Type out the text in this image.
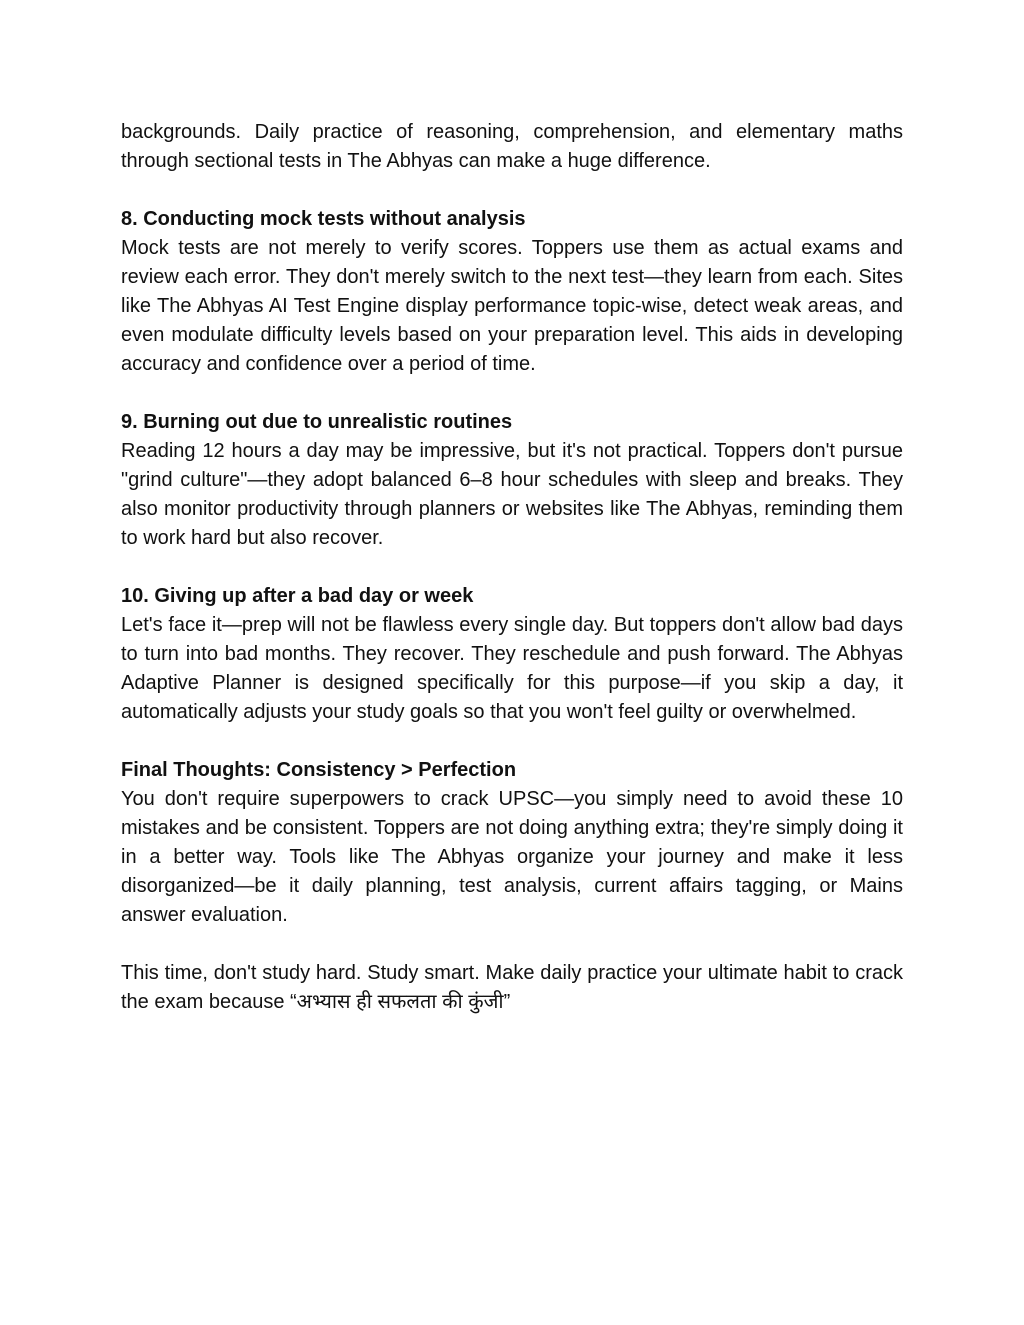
backgrounds. Daily practice of reasoning, comprehension, and elementary maths through sectional tests in The Abhyas can make a huge difference.

8. Conducting mock tests without analysis

Mock tests are not merely to verify scores. Toppers use them as actual exams and review each error. They don't merely switch to the next test—they learn from each. Sites like The Abhyas AI Test Engine display performance topic-wise, detect weak areas, and even modulate difficulty levels based on your preparation level. This aids in developing accuracy and confidence over a period of time.

9. Burning out due to unrealistic routines

Reading 12 hours a day may be impressive, but it's not practical. Toppers don't pursue "grind culture"—they adopt balanced 6–8 hour schedules with sleep and breaks. They also monitor productivity through planners or websites like The Abhyas, reminding them to work hard but also recover.

10. Giving up after a bad day or week

Let's face it—prep will not be flawless every single day. But toppers don't allow bad days to turn into bad months. They recover. They reschedule and push forward. The Abhyas Adaptive Planner is designed specifically for this purpose—if you skip a day, it automatically adjusts your study goals so that you won't feel guilty or overwhelmed.

Final Thoughts: Consistency > Perfection

You don't require superpowers to crack UPSC—you simply need to avoid these 10 mistakes and be consistent. Toppers are not doing anything extra; they're simply doing it in a better way. Tools like The Abhyas organize your journey and make it less disorganized—be it daily planning, test analysis, current affairs tagging, or Mains answer evaluation.

This time, don't study hard. Study smart. Make daily practice your ultimate habit to crack the exam because “अभ्यास ही सफलता की कुंजी”
